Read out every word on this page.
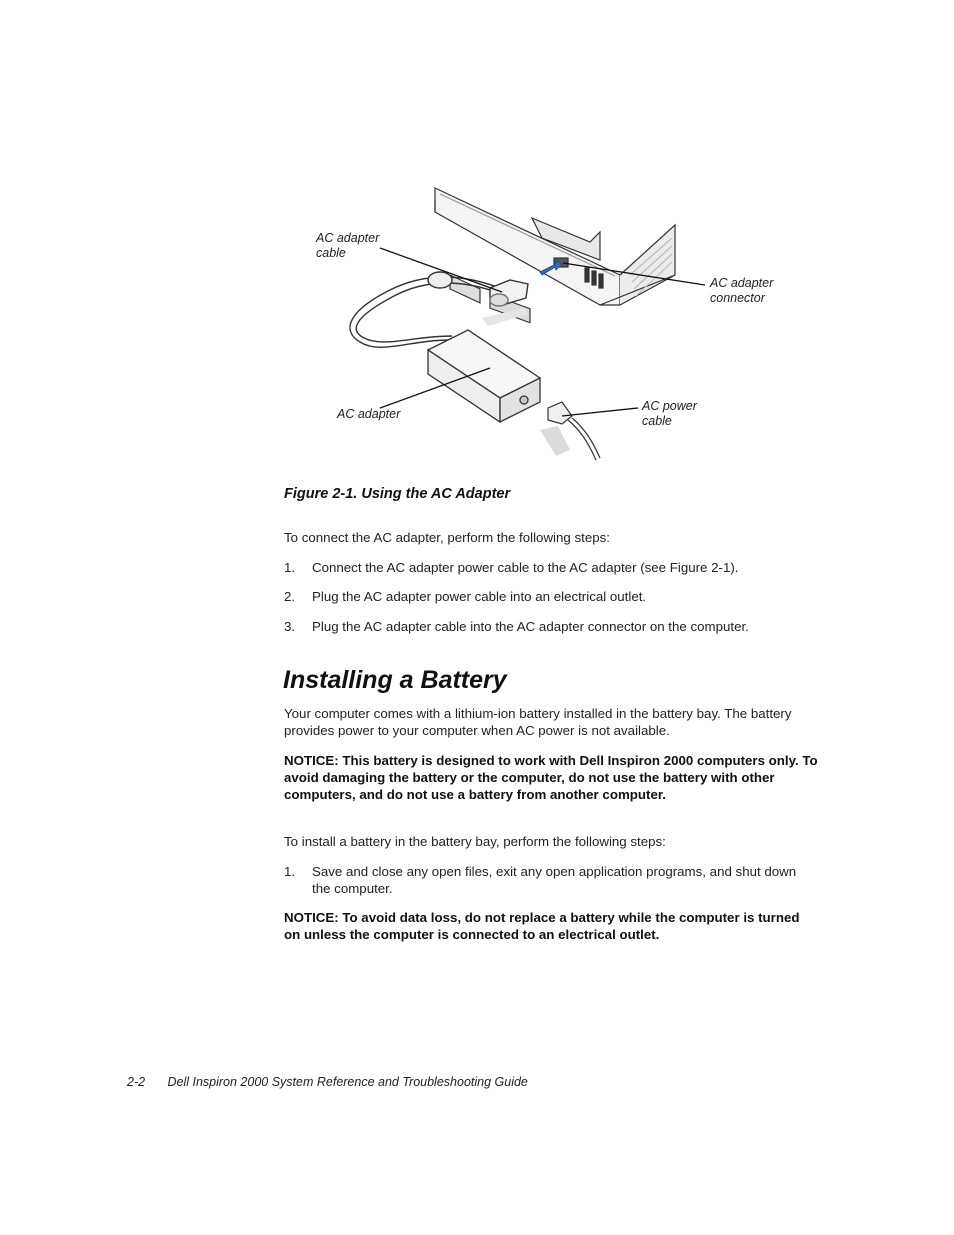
AC adapter
cable
AC adapter
connector
AC adapter
AC power
cable
Figure 2-1. Using the AC Adapter
To connect the AC adapter, perform the following steps:
1. Connect the AC adapter power cable to the AC adapter (see Figure 2-1).
2. Plug the AC adapter power cable into an electrical outlet.
3. Plug the AC adapter cable into the AC adapter connector on the computer.
Installing a Battery
Your computer comes with a lithium-ion battery installed in the battery bay. The battery provides power to your computer when AC power is not available.
NOTICE: This battery is designed to work with Dell Inspiron 2000 computers only. To avoid damaging the battery or the computer, do not use the battery with other computers, and do not use a battery from another computer.
To install a battery in the battery bay, perform the following steps:
1. Save and close any open files, exit any open application programs, and shut down the computer.
NOTICE: To avoid data loss, do not replace a battery while the computer is turned on unless the computer is connected to an electrical outlet.
2-2 Dell Inspiron 2000 System Reference and Troubleshooting Guide
